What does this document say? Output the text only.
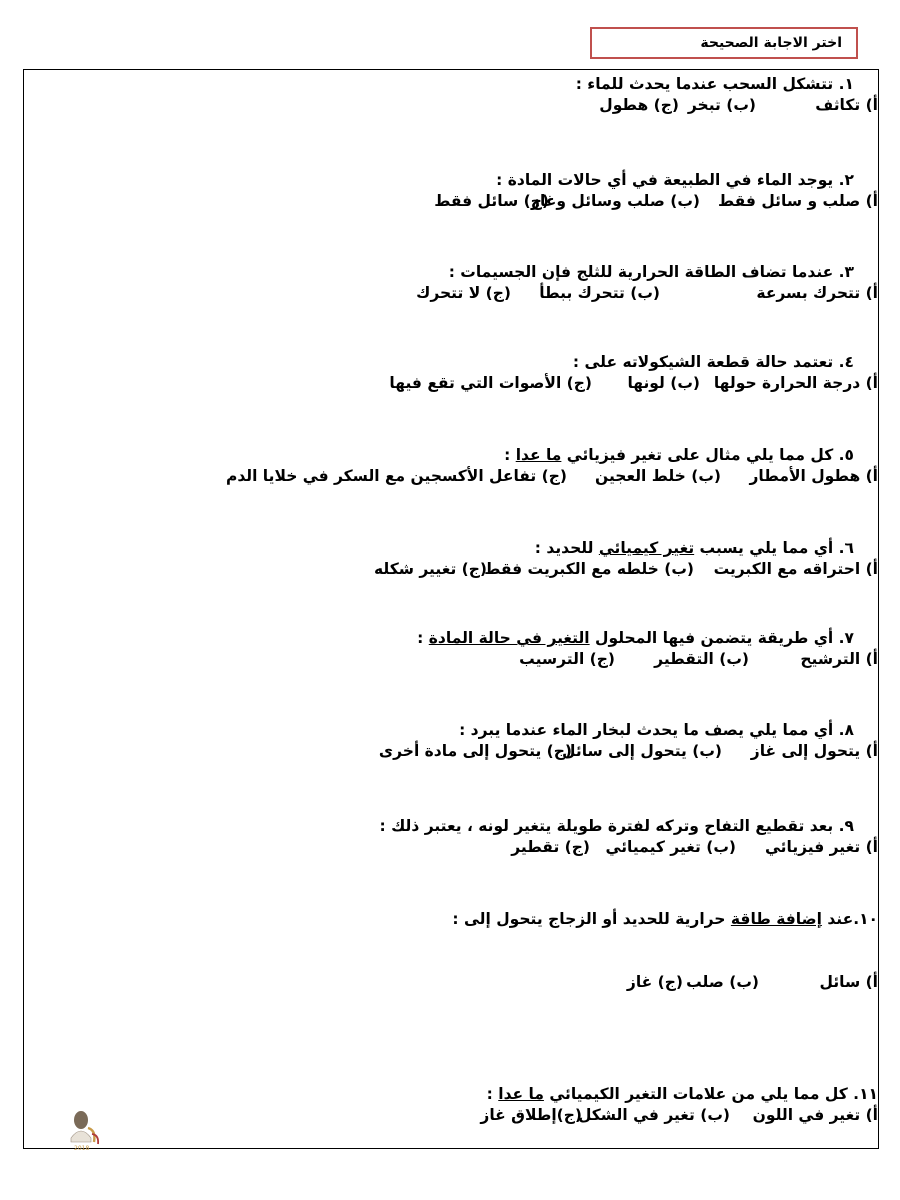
اختر الاجابة الصحيحة
١. تتشكل السحب عندما يحدث للماء :
أ) تكاثف(ب) تبخر(ج) هطول
٢. يوجد الماء في الطبيعة في أي حالات المادة :
أ) صلب و سائل فقط(ب) صلب وسائل وغاز(ج) سائل فقط
٣. عندما تضاف الطاقة الحرارية للثلج فإن الجسيمات :
أ) تتحرك بسرعة(ب) تتحرك ببطأ(ج) لا تتحرك
٤. تعتمد حالة قطعة الشيكولاته على :
أ) درجة الحرارة حولها(ب) لونها(ج) الأصوات التي تقع فيها
٥. كل مما يلي مثال على تغير فيزيائي ما عدا :
أ) هطول الأمطار(ب) خلط العجين(ج) تفاعل الأكسجين مع السكر في خلايا الدم
٦. أي مما يلي يسبب تغير كيميائي للحديد :
أ) احتراقه مع الكبريت(ب) خلطه مع الكبريت فقط(ج) تغيير شكله
٧. أي طريقة يتضمن فيها المحلول التغير في حالة المادة :
أ) الترشيح(ب) التقطير(ج) الترسيب
٨. أي مما يلي يصف ما يحدث لبخار الماء عندما يبرد :
أ) يتحول إلى غاز(ب) يتحول إلى سائل(ج) يتحول إلى مادة أخرى
٩. بعد تقطيع التفاح وتركه لفترة طويلة يتغير لونه ، يعتبر ذلك :
أ) تغير فيزيائي(ب) تغير كيميائي(ج) تقطير
١٠.عند إضافة طاقة حرارية للحديد أو الزجاج يتحول إلى :
أ) سائل(ب) صلب(ج) غاز
١١. كل مما يلي من علامات التغير الكيميائي ما عدا :
أ) تغير في اللون(ب) تغير في الشكل(ج)إطلاق غاز
2018
